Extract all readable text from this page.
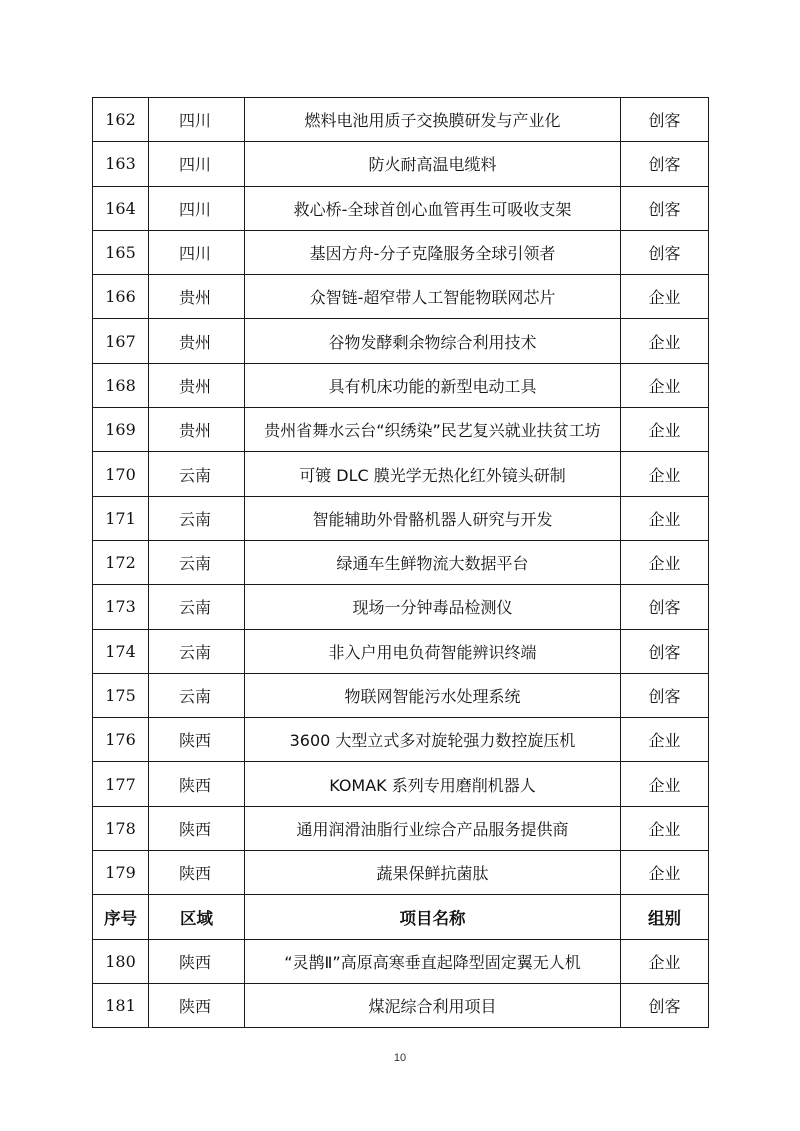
162	四川	燃料电池用质子交换膜研发与产业化	创客
163	四川	防火耐高温电缆料	创客
164	四川	救心桥-全球首创心血管再生可吸收支架	创客
165	四川	基因方舟-分子克隆服务全球引领者	创客
166	贵州	众智链-超窄带人工智能物联网芯片	企业
167	贵州	谷物发酵剩余物综合利用技术	企业
168	贵州	具有机床功能的新型电动工具	企业
169	贵州	贵州省舞水云台“织绣染”民艺复兴就业扶贫工坊	企业
170	云南	可镀 DLC 膜光学无热化红外镜头研制	企业
171	云南	智能辅助外骨骼机器人研究与开发	企业
172	云南	绿通车生鲜物流大数据平台	企业
173	云南	现场一分钟毒品检测仪	创客
174	云南	非入户用电负荷智能辨识终端	创客
175	云南	物联网智能污水处理系统	创客
176	陕西	3600 大型立式多对旋轮强力数控旋压机	企业
177	陕西	KOMAK 系列专用磨削机器人	企业
178	陕西	通用润滑油脂行业综合产品服务提供商	企业
179	陕西	蔬果保鲜抗菌肽	企业
序号	区域	项目名称	组别
180	陕西	“灵鹊Ⅱ”高原高寒垂直起降型固定翼无人机	企业
181	陕西	煤泥综合利用项目	创客
10
